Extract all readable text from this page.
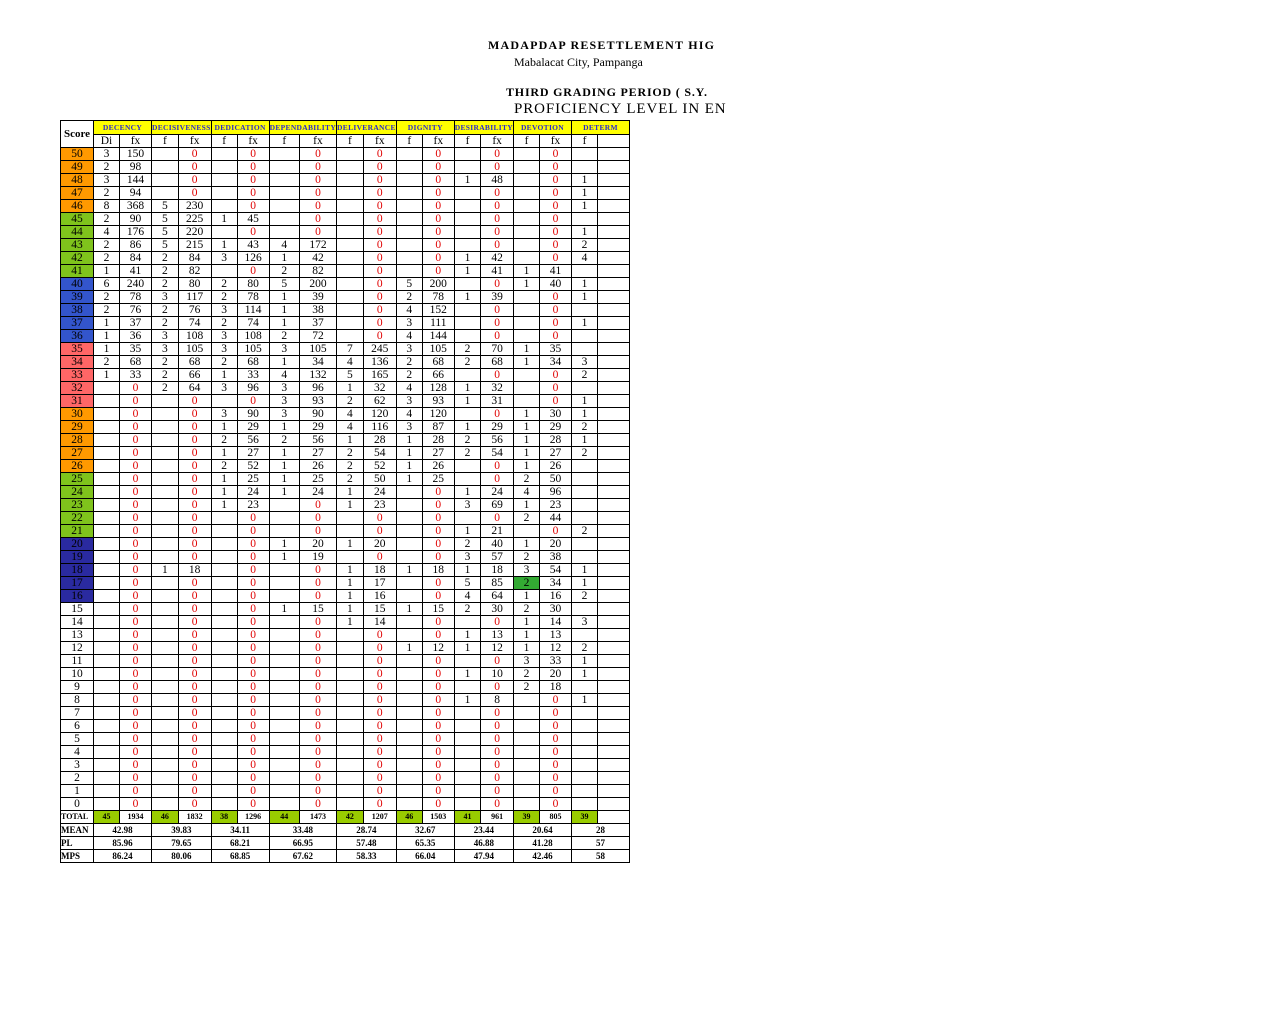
MADAPDAP RESETTLEMENT HIG
Mabalacat City, Pampanga
THIRD GRADING PERIOD ( S.Y.
PROFICIENCY LEVEL IN EN
Score	DECENCY		DECISIVENESS		DEDICATION		DEPENDABILITY		DELIVERANCE		DIGNITY		DESIRABILITY		DEVOTION		DETERM	
	Di	fx	f	fx	f	fx	f	fx	f	fx	f	fx	f	fx	f	fx	f	
50	3	150		0		0		0		0		0		0		0		
49	2	98		0		0		0		0		0		0		0		
48	3	144		0		0		0		0		0	1	48		0	1	
47	2	94		0		0		0		0		0		0		0	1	
46	8	368	5	230		0		0		0		0		0		0	1	
45	2	90	5	225	1	45		0		0		0		0		0		
44	4	176	5	220		0		0		0		0		0		0	1	
43	2	86	5	215	1	43	4	172		0		0		0		0	2	
42	2	84	2	84	3	126	1	42		0		0	1	42		0	4	
41	1	41	2	82		0	2	82		0		0	1	41	1	41		
40	6	240	2	80	2	80	5	200		0	5	200		0	1	40	1	
39	2	78	3	117	2	78	1	39		0	2	78	1	39		0	1	
38	2	76	2	76	3	114	1	38		0	4	152		0		0		
37	1	37	2	74	2	74	1	37		0	3	111		0		0	1	
36	1	36	3	108	3	108	2	72		0	4	144		0		0		
35	1	35	3	105	3	105	3	105	7	245	3	105	2	70	1	35		
34	2	68	2	68	2	68	1	34	4	136	2	68	2	68	1	34	3	
33	1	33	2	66	1	33	4	132	5	165	2	66		0		0	2	
32		0	2	64	3	96	3	96	1	32	4	128	1	32		0		
31		0		0		0	3	93	2	62	3	93	1	31		0	1	
30		0		0	3	90	3	90	4	120	4	120		0	1	30	1	
29		0		0	1	29	1	29	4	116	3	87	1	29	1	29	2	
28		0		0	2	56	2	56	1	28	1	28	2	56	1	28	1	
27		0		0	1	27	1	27	2	54	1	27	2	54	1	27	2	
26		0		0	2	52	1	26	2	52	1	26		0	1	26		
25		0		0	1	25	1	25	2	50	1	25		0	2	50		
24		0		0	1	24	1	24	1	24		0	1	24	4	96		
23		0		0	1	23		0	1	23		0	3	69	1	23		
22		0		0		0		0		0		0		0	2	44		
21		0		0		0		0		0		0	1	21		0	2	
20		0		0		0	1	20	1	20		0	2	40	1	20		
19		0		0		0	1	19		0		0	3	57	2	38		
18		0	1	18		0		0	1	18	1	18	1	18	3	54	1	
17		0		0		0		0	1	17		0	5	85	2	34	1	
16		0		0		0		0	1	16		0	4	64	1	16	2	
15		0		0		0	1	15	1	15	1	15	2	30	2	30		
14		0		0		0		0	1	14		0		0	1	14	3	
13		0		0		0		0		0		0	1	13	1	13		
12		0		0		0		0		0	1	12	1	12	1	12	2	
11		0		0		0		0		0		0		0	3	33	1	
10		0		0		0		0		0		0	1	10	2	20	1	
9		0		0		0		0		0		0		0	2	18		
8		0		0		0		0		0		0	1	8		0	1	
7		0		0		0		0		0		0		0		0		
6		0		0		0		0		0		0		0		0		
5		0		0		0		0		0		0		0		0		
4		0		0		0		0		0		0		0		0		
3		0		0		0		0		0		0		0		0		
2		0		0		0		0		0		0		0		0		
1		0		0		0		0		0		0		0		0		
0		0		0		0		0		0		0		0		0		
TOTAL	45	1934	46	1832	38	1296	44	1473	42	1207	46	1503	41	961	39	805	39	
MEAN	42.98		39.83		34.11		33.48		28.74		32.67		23.44		20.64		28	
PL	85.96		79.65		68.21		66.95		57.48		65.35		46.88		41.28		57	
MPS	86.24		80.06		68.85		67.62		58.33		66.04		47.94		42.46		58	
